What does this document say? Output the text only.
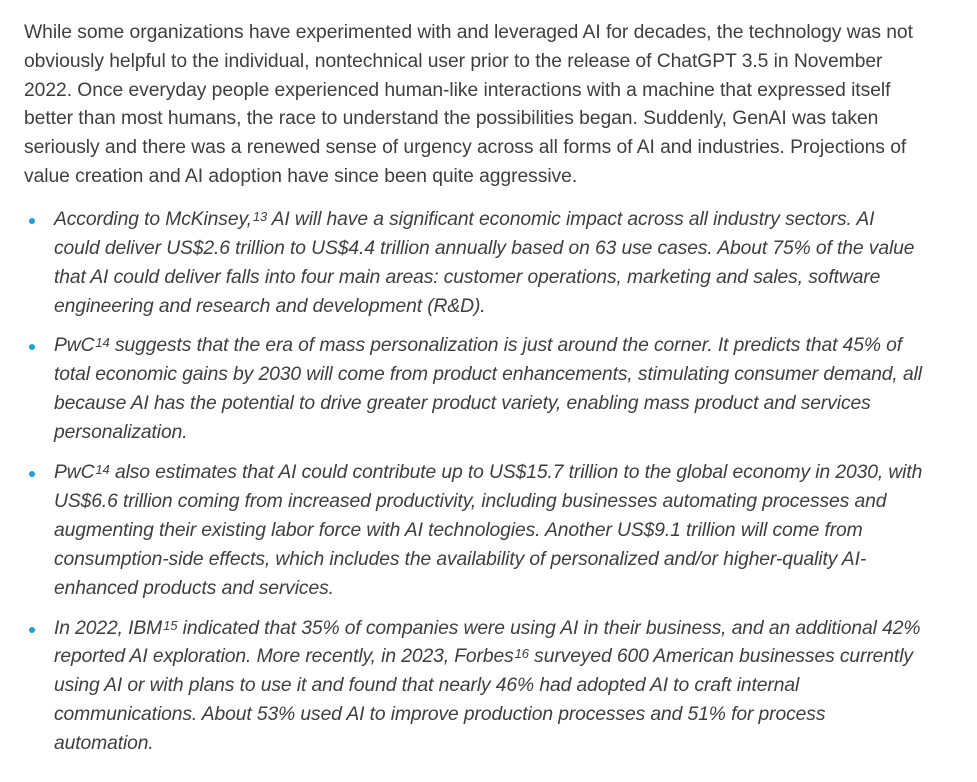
While some organizations have experimented with and leveraged AI for decades, the technology was not obviously helpful to the individual, nontechnical user prior to the release of ChatGPT 3.5 in November 2022. Once everyday people experienced human-like interactions with a machine that expressed itself better than most humans, the race to understand the possibilities began. Suddenly, GenAI was taken seriously and there was a renewed sense of urgency across all forms of AI and industries. Projections of value creation and AI adoption have since been quite aggressive.

According to McKinsey,$^{13}$ AI will have a significant economic impact across all industry sectors. AI could deliver US$2.6 trillion to US$4.4 trillion annually based on 63 use cases. About 75% of the value that AI could deliver falls into four main areas: customer operations, marketing and sales, software engineering and research and development (R&D).
PwC$^{14}$ suggests that the era of mass personalization is just around the corner. It predicts that 45% of total economic gains by 2030 will come from product enhancements, stimulating consumer demand, all because AI has the potential to drive greater product variety, enabling mass product and services personalization.
PwC$^{14}$ also estimates that AI could contribute up to US$15.7 trillion to the global economy in 2030, with US$6.6 trillion coming from increased productivity, including businesses automating processes and augmenting their existing labor force with AI technologies. Another US$9.1 trillion will come from consumption-side effects, which includes the availability of personalized and/or higher-quality AI-enhanced products and services.
In 2022, IBM$^{15}$ indicated that 35% of companies were using AI in their business, and an additional 42% reported AI exploration. More recently, in 2023, Forbes$^{16}$ surveyed 600 American businesses currently using AI or with plans to use it and found that nearly 46% had adopted AI to craft internal communications. About 53% used AI to improve production processes and 51% for process automation.
